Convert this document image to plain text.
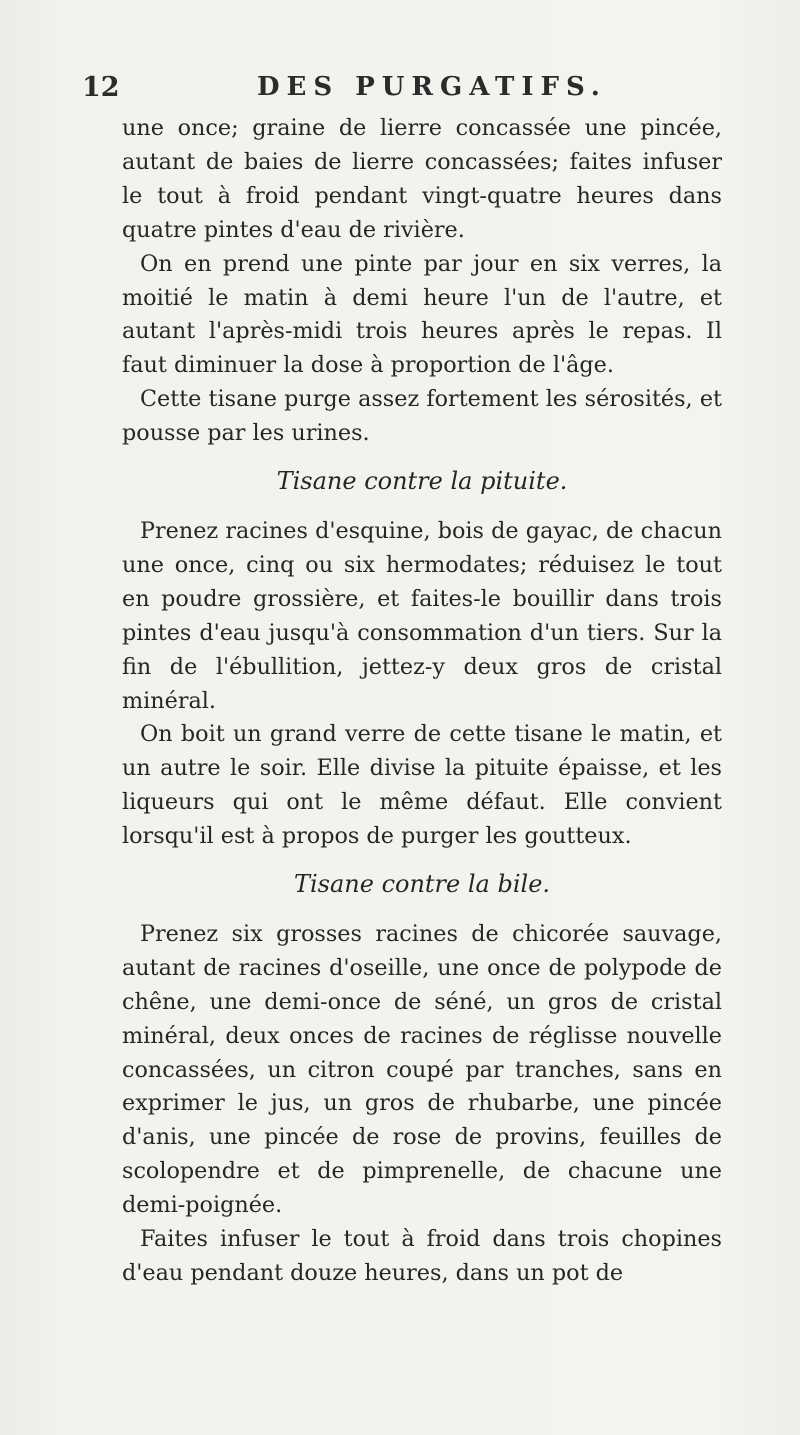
12	DES PURGATIFS.

une once; graine de lierre concassée une pincée, autant de baies de lierre concassées; faites infuser le tout à froid pendant vingt-quatre heures dans quatre pintes d'eau de rivière.

On en prend une pinte par jour en six verres, la moitié le matin à demi heure l'un de l'autre, et autant l'après-midi trois heures après le repas. Il faut diminuer la dose à proportion de l'âge.

Cette tisane purge assez fortement les sérosités, et pousse par les urines.

Tisane contre la pituite.

Prenez racines d'esquine, bois de gayac, de chacun une once, cinq ou six hermodates; réduisez le tout en poudre grossière, et faites-le bouillir dans trois pintes d'eau jusqu'à consommation d'un tiers. Sur la fin de l'ébullition, jettez-y deux gros de cristal minéral.

On boit un grand verre de cette tisane le matin, et un autre le soir. Elle divise la pituite épaisse, et les liqueurs qui ont le même défaut. Elle convient lorsqu'il est à propos de purger les goutteux.

Tisane contre la bile.

Prenez six grosses racines de chicorée sauvage, autant de racines d'oseille, une once de polypode de chêne, une demi-once de séné, un gros de cristal minéral, deux onces de racines de réglisse nouvelle concassées, un citron coupé par tranches, sans en exprimer le jus, un gros de rhubarbe, une pincée d'anis, une pincée de rose de provins, feuilles de scolopendre et de pimprenelle, de chacune une demi-poignée.

Faites infuser le tout à froid dans trois chopines d'eau pendant douze heures, dans un pot de
